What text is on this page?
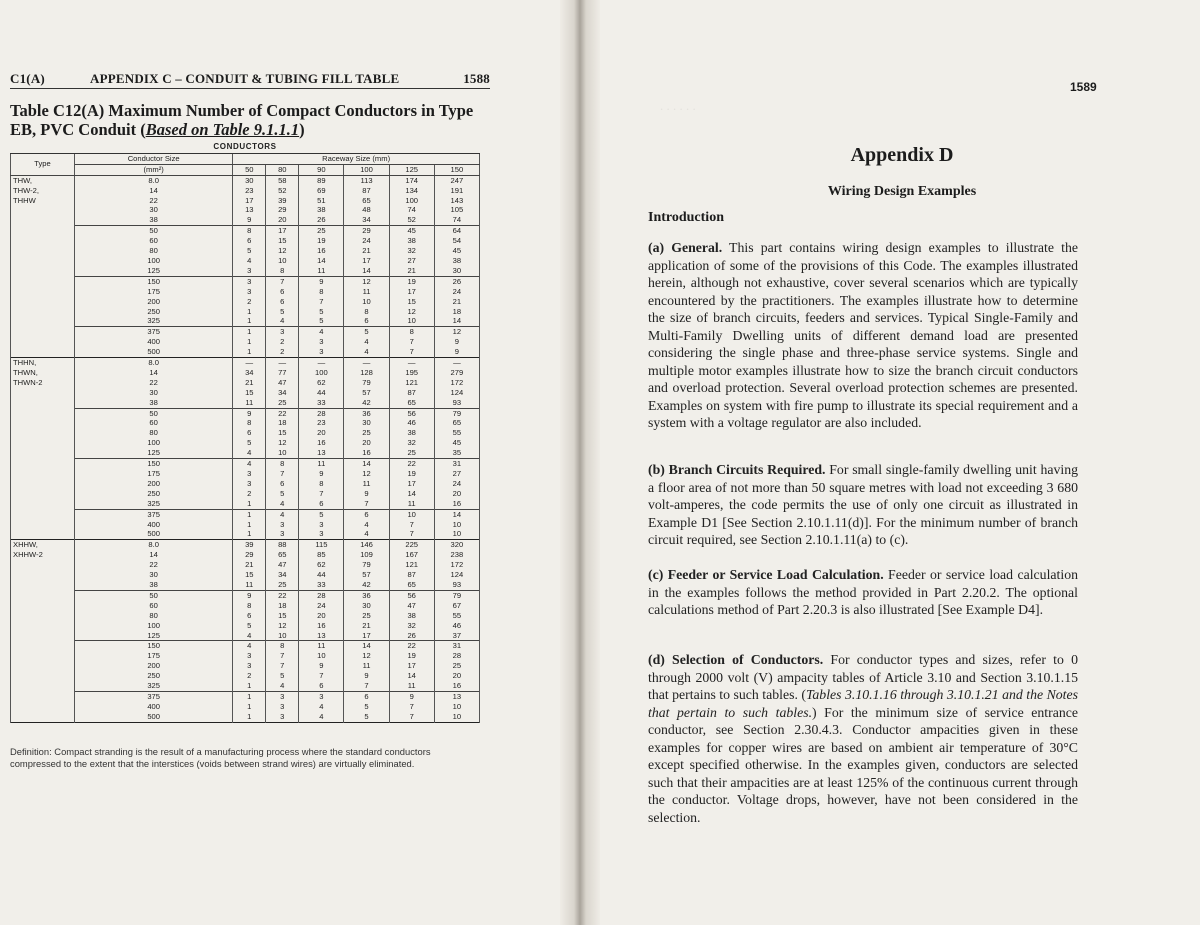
C1(A)	APPENDIX C – CONDUIT & TUBING FILL TABLE	1588
Table C12(A) Maximum Number of Compact Conductors in Type EB, PVC Conduit (Based on Table 9.1.1.1)
CONDUCTORS							
Type	Conductor Size	Raceway Size (mm)					
	(mm²)	50	80	90	100	125	150
THW,
THW-2,
THHW	8.0	30	58	89	113	174	247
	14	23	52	69	87	134	191
	22	17	39	51	65	100	143
	30	13	29	38	48	74	105
	38	9	20	26	34	52	74
	50	8	17	25	29	45	64
	60	6	15	19	24	38	54
	80	5	12	16	21	32	45
	100	4	10	14	17	27	38
	125	3	8	11	14	21	30
	150	3	7	9	12	19	26
	175	3	6	8	11	17	24
	200	2	6	7	10	15	21
	250	1	5	5	8	12	18
	325	1	4	5	6	10	14
	375	1	3	4	5	8	12
	400	1	2	3	4	7	9
	500	1	2	3	4	7	9
THHN,
THWN,
THWN-2	8.0	—	—	—	—	—	—
	14	34	77	100	128	195	279
	22	21	47	62	79	121	172
	30	15	34	44	57	87	124
	38	11	25	33	42	65	93
	50	9	22	28	36	56	79
	60	8	18	23	30	46	65
	80	6	15	20	25	38	55
	100	5	12	16	20	32	45
	125	4	10	13	16	25	35
	150	4	8	11	14	22	31
	175	3	7	9	12	19	27
	200	3	6	8	11	17	24
	250	2	5	7	9	14	20
	325	1	4	6	7	11	16
	375	1	4	5	6	10	14
	400	1	3	3	4	7	10
	500	1	3	3	4	7	10
XHHW,
XHHW-2	8.0	39	88	115	146	225	320
	14	29	65	85	109	167	238
	22	21	47	62	79	121	172
	30	15	34	44	57	87	124
	38	11	25	33	42	65	93
	50	9	22	28	36	56	79
	60	8	18	24	30	47	67
	80	6	15	20	25	38	55
	100	5	12	16	21	32	46
	125	4	10	13	17	26	37
	150	4	8	11	14	22	31
	175	3	7	10	12	19	28
	200	3	7	9	11	17	25
	250	2	5	7	9	14	20
	325	1	4	6	7	11	16
	375	1	3	3	6	9	13
	400	1	3	4	5	7	10
	500	1	3	4	5	7	10
Definition: Compact stranding is the result of a manufacturing process where the standard conductors compressed to the extent that the interstices (voids between strand wires) are virtually eliminated.
. . . . . .
1589
Appendix D
Wiring Design Examples
Introduction
(a) General. This part contains wiring design examples to illustrate the application of some of the provisions of this Code. The examples illustrated herein, although not exhaustive, cover several scenarios which are typically encountered by the practitioners. The examples illustrate how to determine the size of branch circuits, feeders and services. Typical Single-Family and Multi-Family Dwelling units of different demand load are presented considering the single phase and three-phase service systems. Single and multiple motor examples illustrate how to size the branch circuit conductors and overload protection. Several overload protection schemes are presented. Examples on system with fire pump to illustrate its special requirement and a system with a voltage regulator are also included.
(b) Branch Circuits Required. For small single-family dwelling unit having a floor area of not more than 50 square metres with load not exceeding 3 680 volt-amperes, the code permits the use of only one circuit as illustrated in Example D1 [See Section 2.10.1.11(d)]. For the minimum number of branch circuit required, see Section 2.10.1.11(a) to (c).
(c) Feeder or Service Load Calculation. Feeder or service load calculation in the examples follows the method provided in Part 2.20.2. The optional calculations method of Part 2.20.3 is also illustrated [See Example D4].
(d) Selection of Conductors. For conductor types and sizes, refer to 0 through 2000 volt (V) ampacity tables of Article 3.10 and Section 3.10.1.15 that pertains to such tables. (Tables 3.10.1.16 through 3.10.1.21 and the Notes that pertain to such tables.) For the minimum size of service entrance conductor, see Section 2.30.4.3. Conductor ampacities given in these examples for copper wires are based on ambient air temperature of 30°C except specified otherwise. In the examples given, conductors are selected such that their ampacities are at least 125% of the continuous current through the conductor. Voltage drops, however, have not been considered in the selection.
